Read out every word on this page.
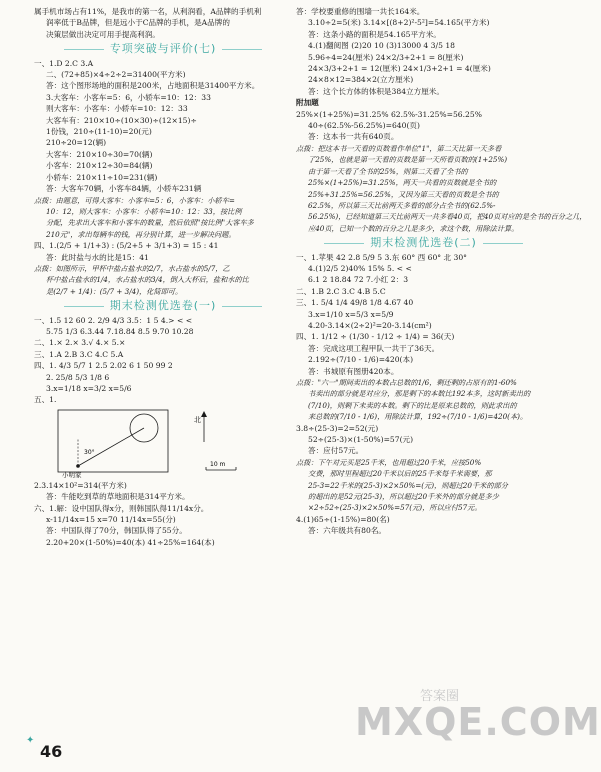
属手机市场占有11%，是我市的第一名，从利润看，A品牌的手机利
润率低于B品牌，但是远小于C品牌的手机，是A品牌的
决策层做出决定可用手提高利润。
专项突破与评价(七)
一、1.D 2.C 3.A
二、(72+85)×4÷2÷2=31400(平方米)
答：这个图形场地的面积是200米，占地面积是31400平方米。
3.大客车：小客车=5：6，小轿车=10：12：33
则大客车：小客车：小轿车=10：12：33
大客车有：210×10÷(10×30)÷(12×15)÷
1份钱，210÷(11-10)=20(元)
210÷20=12(辆)
大客车：210×10÷30=70(辆)
小客车：210×12÷30=84(辆)
小轿车：210×11÷10=231(辆)
答：大客车70辆，小客车84辆，小轿车231辆
点拨：由题意，可得大客车：小客车=5：6，小客车：小轿车=
10：12，则大客车：小客车：小轿车=10：12：33，按比例
分配，先求出大客车和小客车的数量，然后依照"按比例"大客车多
210元"，求出每辆车的钱，再分别计算，进一步解决问题。
四、1.(2/5 + 1/1+3) : (5/2+5 + 3/1+3) = 15 : 41
答：此时盐与水的比是15：41
点拨：如图所示，甲杯中盐占盐水的2/7，水占盐水的5/7，乙
杯中盐占盐水的1/4，水占盐水的3/4，倒入大杯后，盐和水的比
是(2/7 + 1/4)：(5/7 + 3/4)，化简即可。
期末检测优选卷(一)
一、1.5 12 60 2. 2/9 4/3 3.5：1 5 4.> < <
5.75 1/3 6.3.44 7.18.84 8.5 9.70 10.28
二、1.× 2.× 3.√ 4.× 5.×
三、1.A 2.B 3.C 4.C 5.A
四、1. 4/3 5/7 1 2.5 2.02 6 1 50 99 2
2. 25/8 5/3 1/8 6
3.x=1/18 x=3/2 x=5/6
五、1.
30°
小明家
北
10 m
2.3.14×10²=314(平方米)
答：牛能吃到草的草地面积是314平方米。
六、1.解：设中国队得x分，则韩国队得11/14x分。
x-11/14x=15 x=70 11/14x=55(分)
答：中国队得了70分，韩国队得了55分。
2.20+20×(1-50%)=40(本) 41÷25%=164(本)
答：学校要重修的围墙一共长164米。
3.10÷2=5(米) 3.14×[(8+2)²-5²]=54.165(平方米)
答：这条小路的面积是54.165平方米。
4.(1)翻阅图 (2)20 10 (3)13000 4 3/5 18
5.96÷4=24(厘米) 24×2/3+2+1 = 8(厘米)
24×3/3+2+1 = 12(厘米) 24×1/3+2+1 = 4(厘米)
24×8×12=384×2(立方厘米)
答：这个长方体的体积是384立方厘米。
附加题
25%×(1+25%)=31.25% 62.5%-31.25%=56.25%
40÷(62.5%-56.25%)=640(页)
答：这本书一共有640页。
点拨：把这本书一天看的页数看作单位"1"，第二天比第一天多看
了25%，也就是第一天看的页数是第一天所看页数的(1+25%)
由于第一天看了全书的25%，则第二天看了全书的
25%×(1+25%)=31.25%，两天一共看的页数就是全书的
25%+31.25%=56.25%，又因为第三天看的页数是全书的
62.5%，所以第三天比前两天多看的部分占全书的(62.5%-
56.25%)，已经知道第三天比前两天一共多看40页，把40页对应的是全书的百分之几，
应40页，已知一个数的百分之几是多少，求这个数，用除法计算。
期末检测优选卷(二)
一、1.苹果 42 2.8 5/9 5 3.东 60° 西 60° 北 30°
4.(1)2/5 2)40% 15% 5. < <
6.1 2 18.84 72 7.小红 2：3
二、1.B 2.C 3.C 4.B 5.C
三、1. 5/4 1/4 49/8 1/8 4.67 40
3.x=1/10 x=5/3 x=5/9
4.20-3.14×(2÷2)²=20-3.14(cm²)
四、1. 1/12 ÷ (1/30 - 1/12 ÷ 1/4) = 36(天)
答：完成这项工程甲队一共干了36天。
2.192÷(7/10 - 1/6)=420(本)
答：书城原有图册420本。
点拨："六一"期间卖出的本数占总数的1/6，剩还剩的占原有的1-60%
书卖出的部分就是对应分，那是剩下的本数比192本多，这时新卖出的
(7/10)，则剩下未卖的本数。剩下的比是原来总数的，则此求出的
来总数的(7/10 - 1/6)，用除法计算，192÷(7/10 - 1/6)=420(本)。
3.8÷(25-3)=2=52(元)
52÷(25-3)×(1-50%)=57(元)
答：应付57元。
点拨：下午对元买是25千米，也用超过20千米，应按50%
交费，那时里程超过20千米以后的25千米每千米需要，那
25-3=22千米的(25-3)×2×50%=(元)，则超过20千米的部分
的超出的是52元(25-3)，所以超过20千米外的部分就是多少
×2÷52÷(25-3)×2×50%=57(元)，所以应付57元。
4.(1)65÷(1-15%)=80(名)
答：六年级共有80名。
✦
46
答案圈
MXQE.COM
